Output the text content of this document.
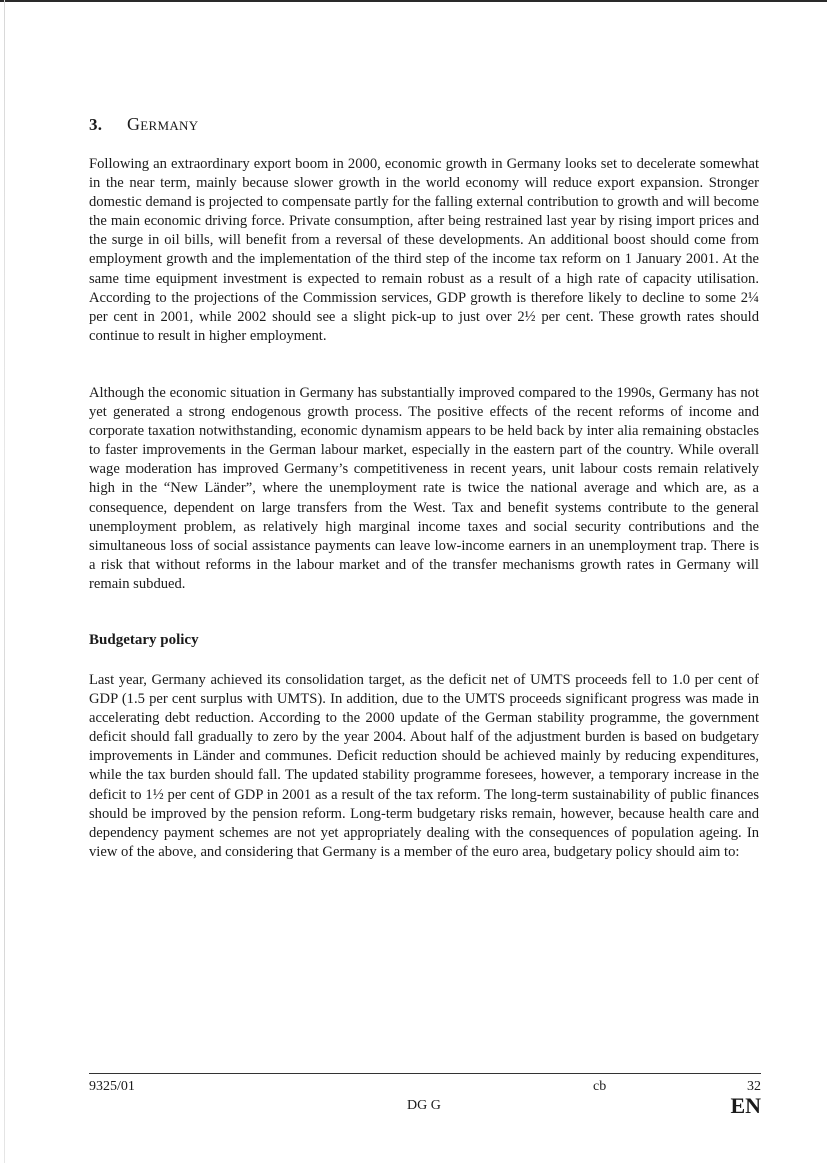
3. Germany

Following an extraordinary export boom in 2000, economic growth in Germany looks set to decelerate somewhat in the near term, mainly because slower growth in the world economy will reduce export expansion. Stronger domestic demand is projected to compensate partly for the falling external contribution to growth and will become the main economic driving force. Private consumption, after being restrained last year by rising import prices and the surge in oil bills, will benefit from a reversal of these developments. An additional boost should come from employment growth and the implementation of the third step of the income tax reform on 1 January 2001. At the same time equipment investment is expected to remain robust as a result of a high rate of capacity utilisation. According to the projections of the Commission services, GDP growth is therefore likely to decline to some 2¼ per cent in 2001, while 2002 should see a slight pick-up to just over 2½ per cent. These growth rates should continue to result in higher employment.

Although the economic situation in Germany has substantially improved compared to the 1990s, Germany has not yet generated a strong endogenous growth process. The positive effects of the recent reforms of income and corporate taxation notwithstanding, economic dynamism appears to be held back by inter alia remaining obstacles to faster improvements in the German labour market, especially in the eastern part of the country. While overall wage moderation has improved Germany’s competitiveness in recent years, unit labour costs remain relatively high in the “New Länder”, where the unemployment rate is twice the national average and which are, as a consequence, dependent on large transfers from the West. Tax and benefit systems contribute to the general unemployment problem, as relatively high marginal income taxes and social security contributions and the simultaneous loss of social assistance payments can leave low-income earners in an unemployment trap. There is a risk that without reforms in the labour market and of the transfer mechanisms growth rates in Germany will remain subdued.

Budgetary policy

Last year, Germany achieved its consolidation target, as the deficit net of UMTS proceeds fell to 1.0 per cent of GDP (1.5 per cent surplus with UMTS). In addition, due to the UMTS proceeds significant progress was made in accelerating debt reduction. According to the 2000 update of the German stability programme, the government deficit should fall gradually to zero by the year 2004. About half of the adjustment burden is based on budgetary improvements in Länder and communes. Deficit reduction should be achieved mainly by reducing expenditures, while the tax burden should fall. The updated stability programme foresees, however, a temporary increase in the deficit to 1½ per cent of GDP in 2001 as a result of the tax reform. The long-term sustainability of public finances should be improved by the pension reform. Long-term budgetary risks remain, however, because health care and dependency payment schemes are not yet appropriately dealing with the consequences of population ageing. In view of the above, and considering that Germany is a member of the euro area, budgetary policy should aim to:

9325/01	cb	32
DG G	EN
